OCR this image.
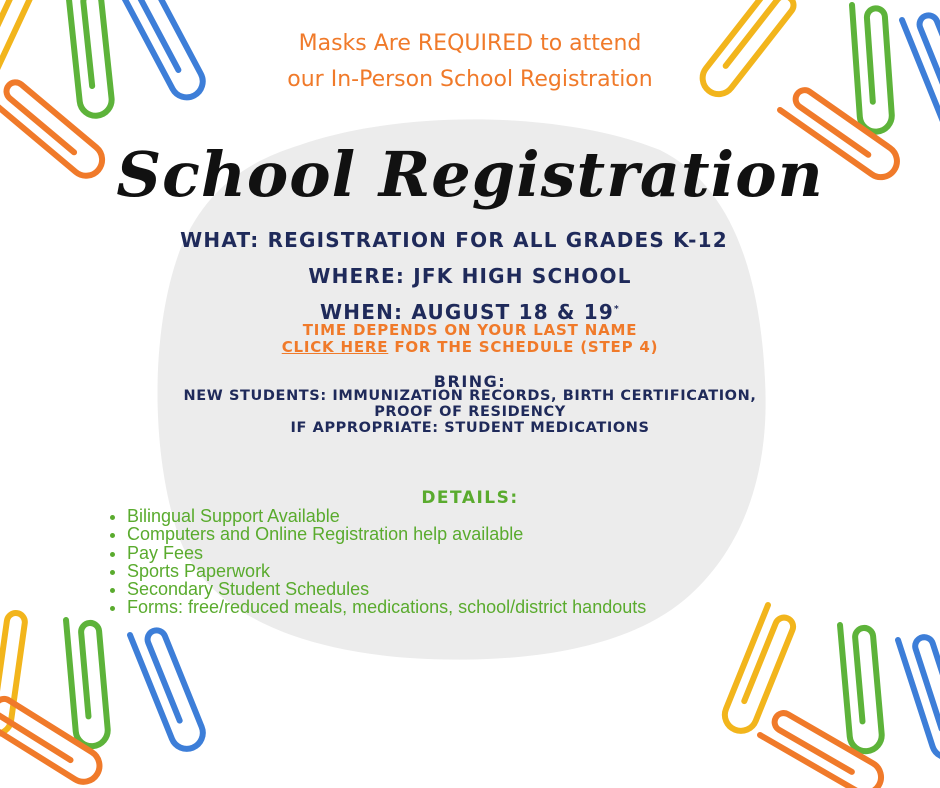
Masks Are REQUIRED to attend

our In-Person School Registration

School Registration

WHAT: REGISTRATION FOR ALL GRADES K-12

WHERE: JFK HIGH SCHOOL

WHEN: AUGUST 18 & 19*

TIME DEPENDS ON YOUR LAST NAME

CLICK HERE FOR THE SCHEDULE (STEP 4)

BRING:

NEW STUDENTS: IMMUNIZATION RECORDS, BIRTH CERTIFICATION,

PROOF OF RESIDENCY

IF APPROPRIATE: STUDENT MEDICATIONS

DETAILS:

• Bilingual Support Available
• Computers and Online Registration help available
• Pay Fees
• Sports Paperwork
• Secondary Student Schedules
• Forms: free/reduced meals, medications, school/district handouts
